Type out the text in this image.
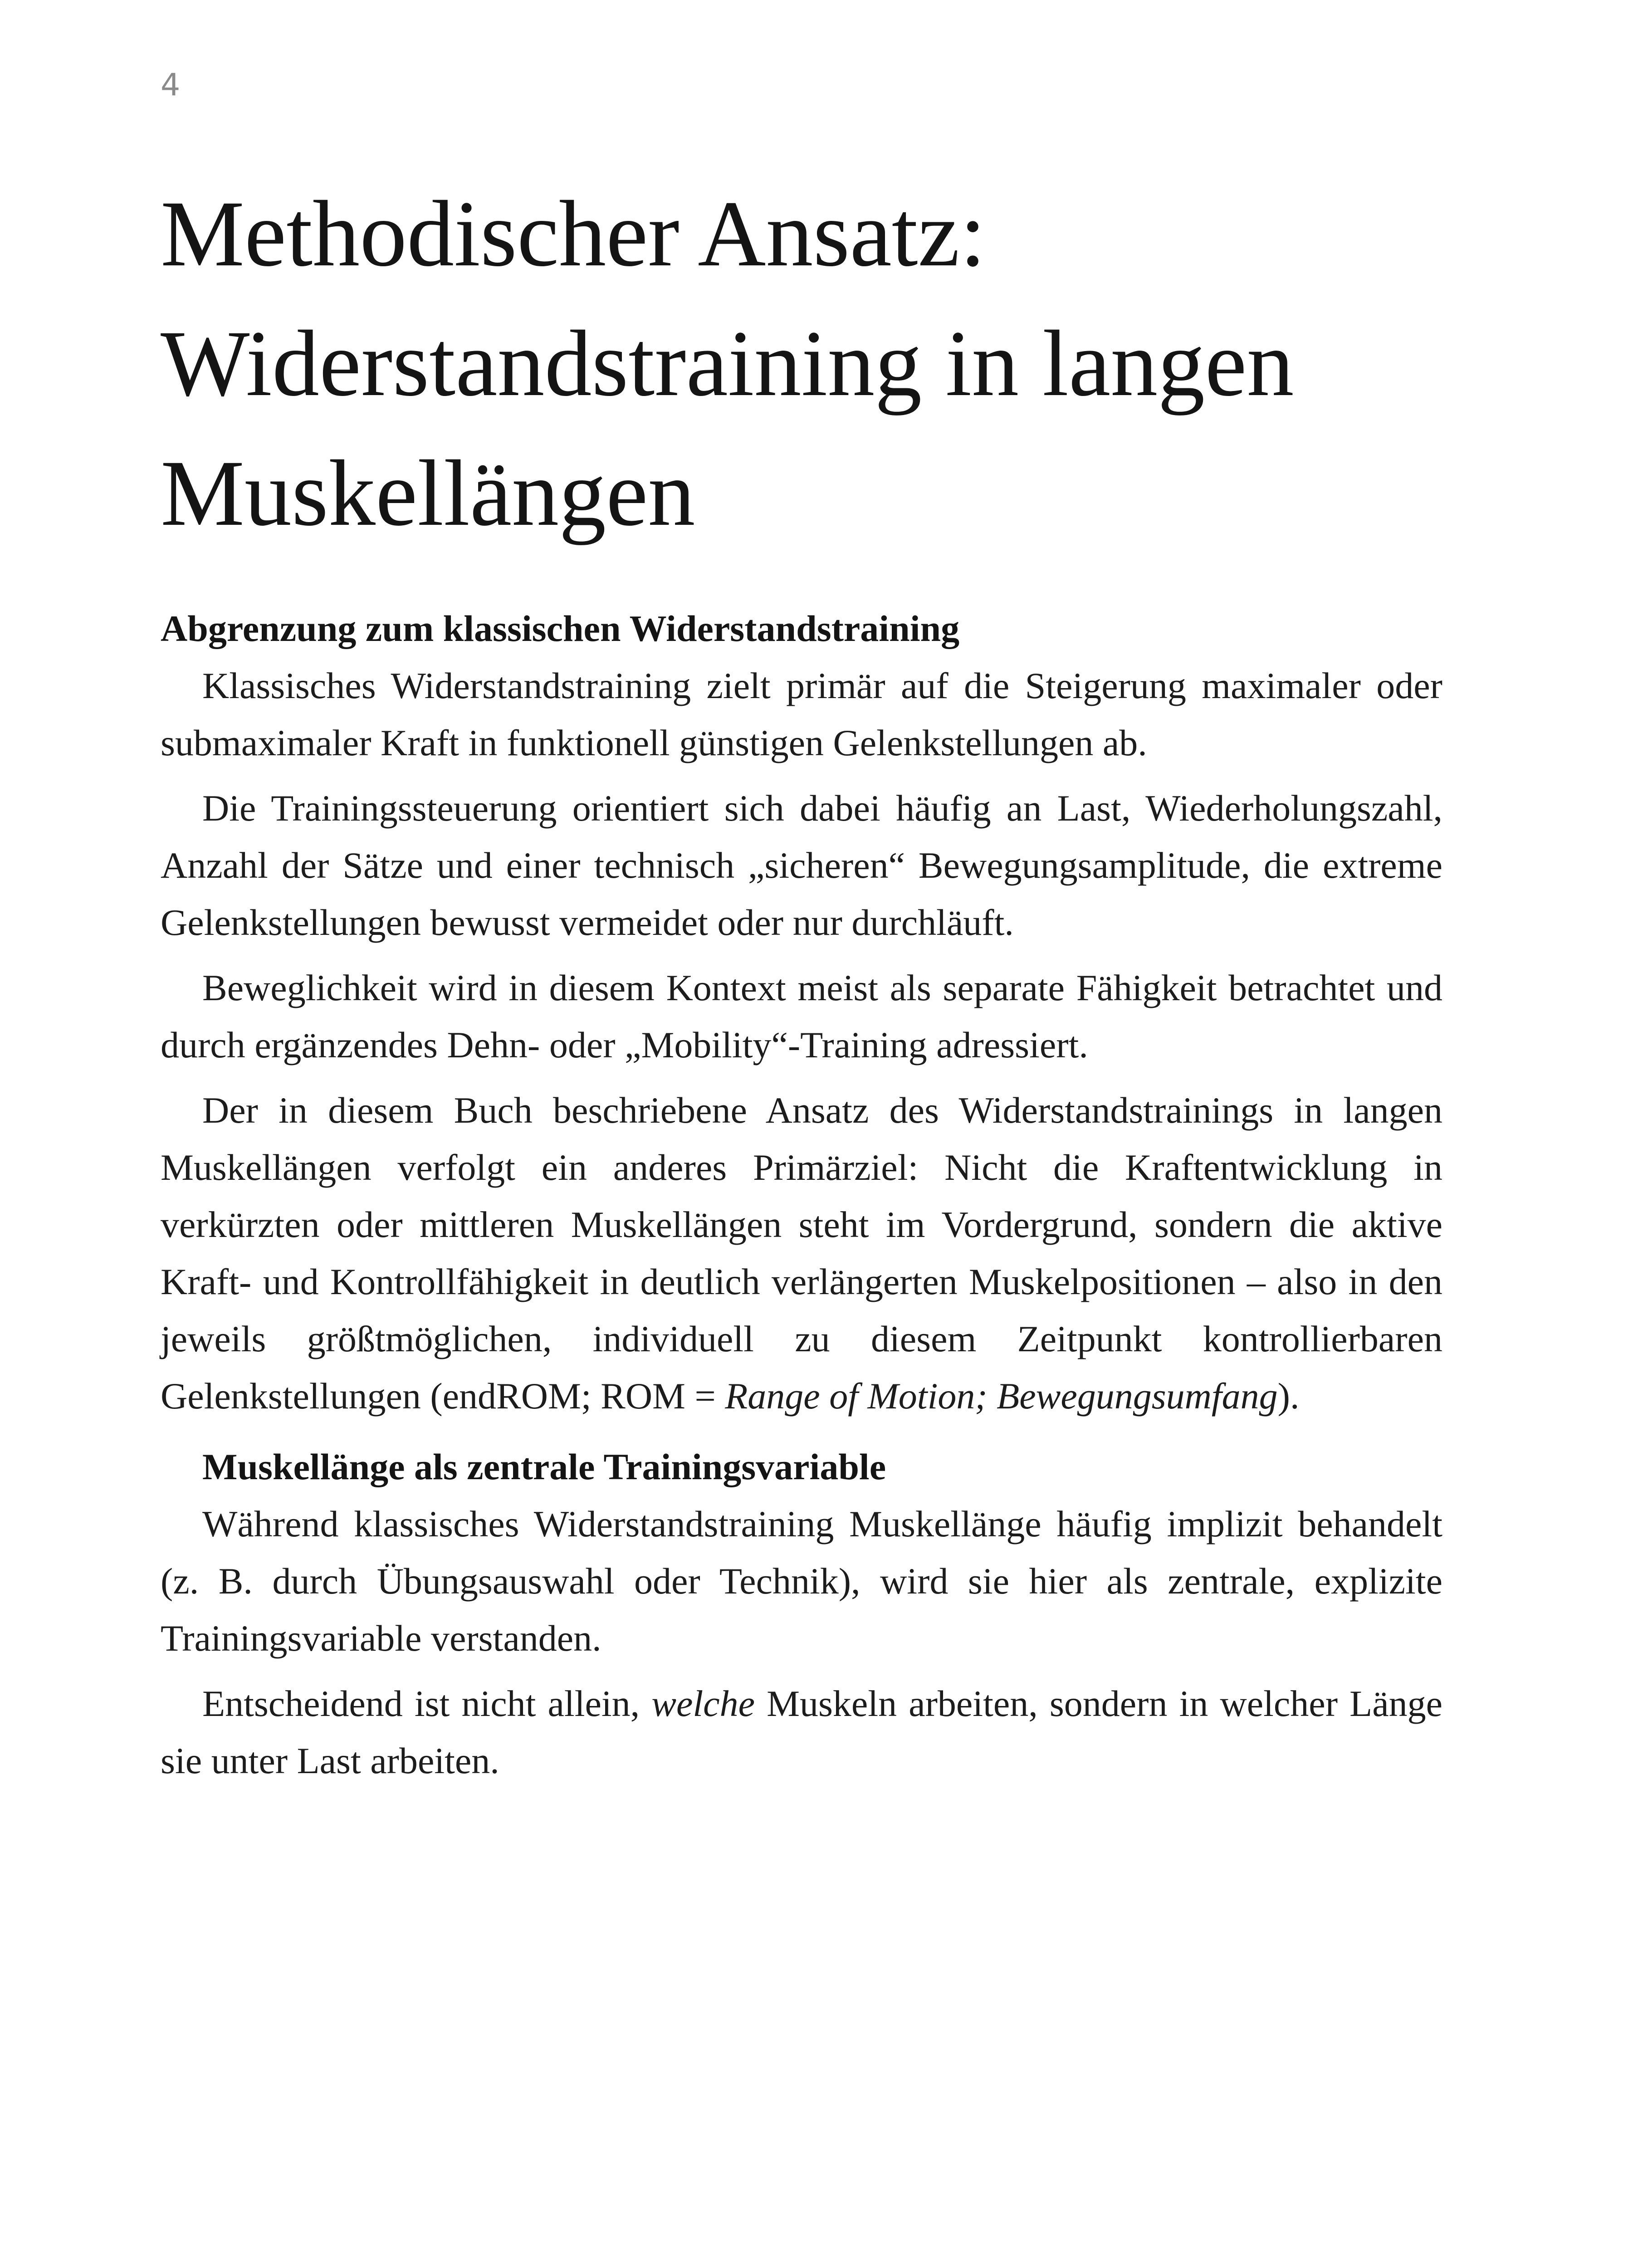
4
Methodischer Ansatz:
Widerstandstraining in langen
Muskellängen
Abgrenzung zum klassischen Widerstandstraining

Klassisches Widerstandstraining zielt primär auf die Steigerung maximaler oder submaximaler Kraft in funktionell günstigen Gelenkstellungen ab.

Die Trainingssteuerung orientiert sich dabei häufig an Last, Wiederholungszahl, Anzahl der Sätze und einer technisch „sicheren“ Bewegungsamplitude, die extreme Gelenkstellungen bewusst vermeidet oder nur durchläuft.

Beweglichkeit wird in diesem Kontext meist als separate Fähigkeit betrachtet und durch ergänzendes Dehn- oder „Mobility“-Training adressiert.

Der in diesem Buch beschriebene Ansatz des Widerstandstrainings in langen Muskellängen verfolgt ein anderes Primärziel: Nicht die Kraftentwicklung in verkürzten oder mittleren Muskellängen steht im Vordergrund, sondern die aktive Kraft- und Kontrollfähigkeit in deutlich verlängerten Muskelpositionen – also in den jeweils größtmöglichen, individuell zu diesem Zeitpunkt kontrollierbaren Gelenkstellungen (endROM; ROM = Range of Motion; Bewegungsumfang).

Muskellänge als zentrale Trainingsvariable

Während klassisches Widerstandstraining Muskellänge häufig implizit behandelt (z. B. durch Übungsauswahl oder Technik), wird sie hier als zentrale, explizite Trainingsvariable verstanden.

Entscheidend ist nicht allein, welche Muskeln arbeiten, sondern in welcher Länge sie unter Last arbeiten.
